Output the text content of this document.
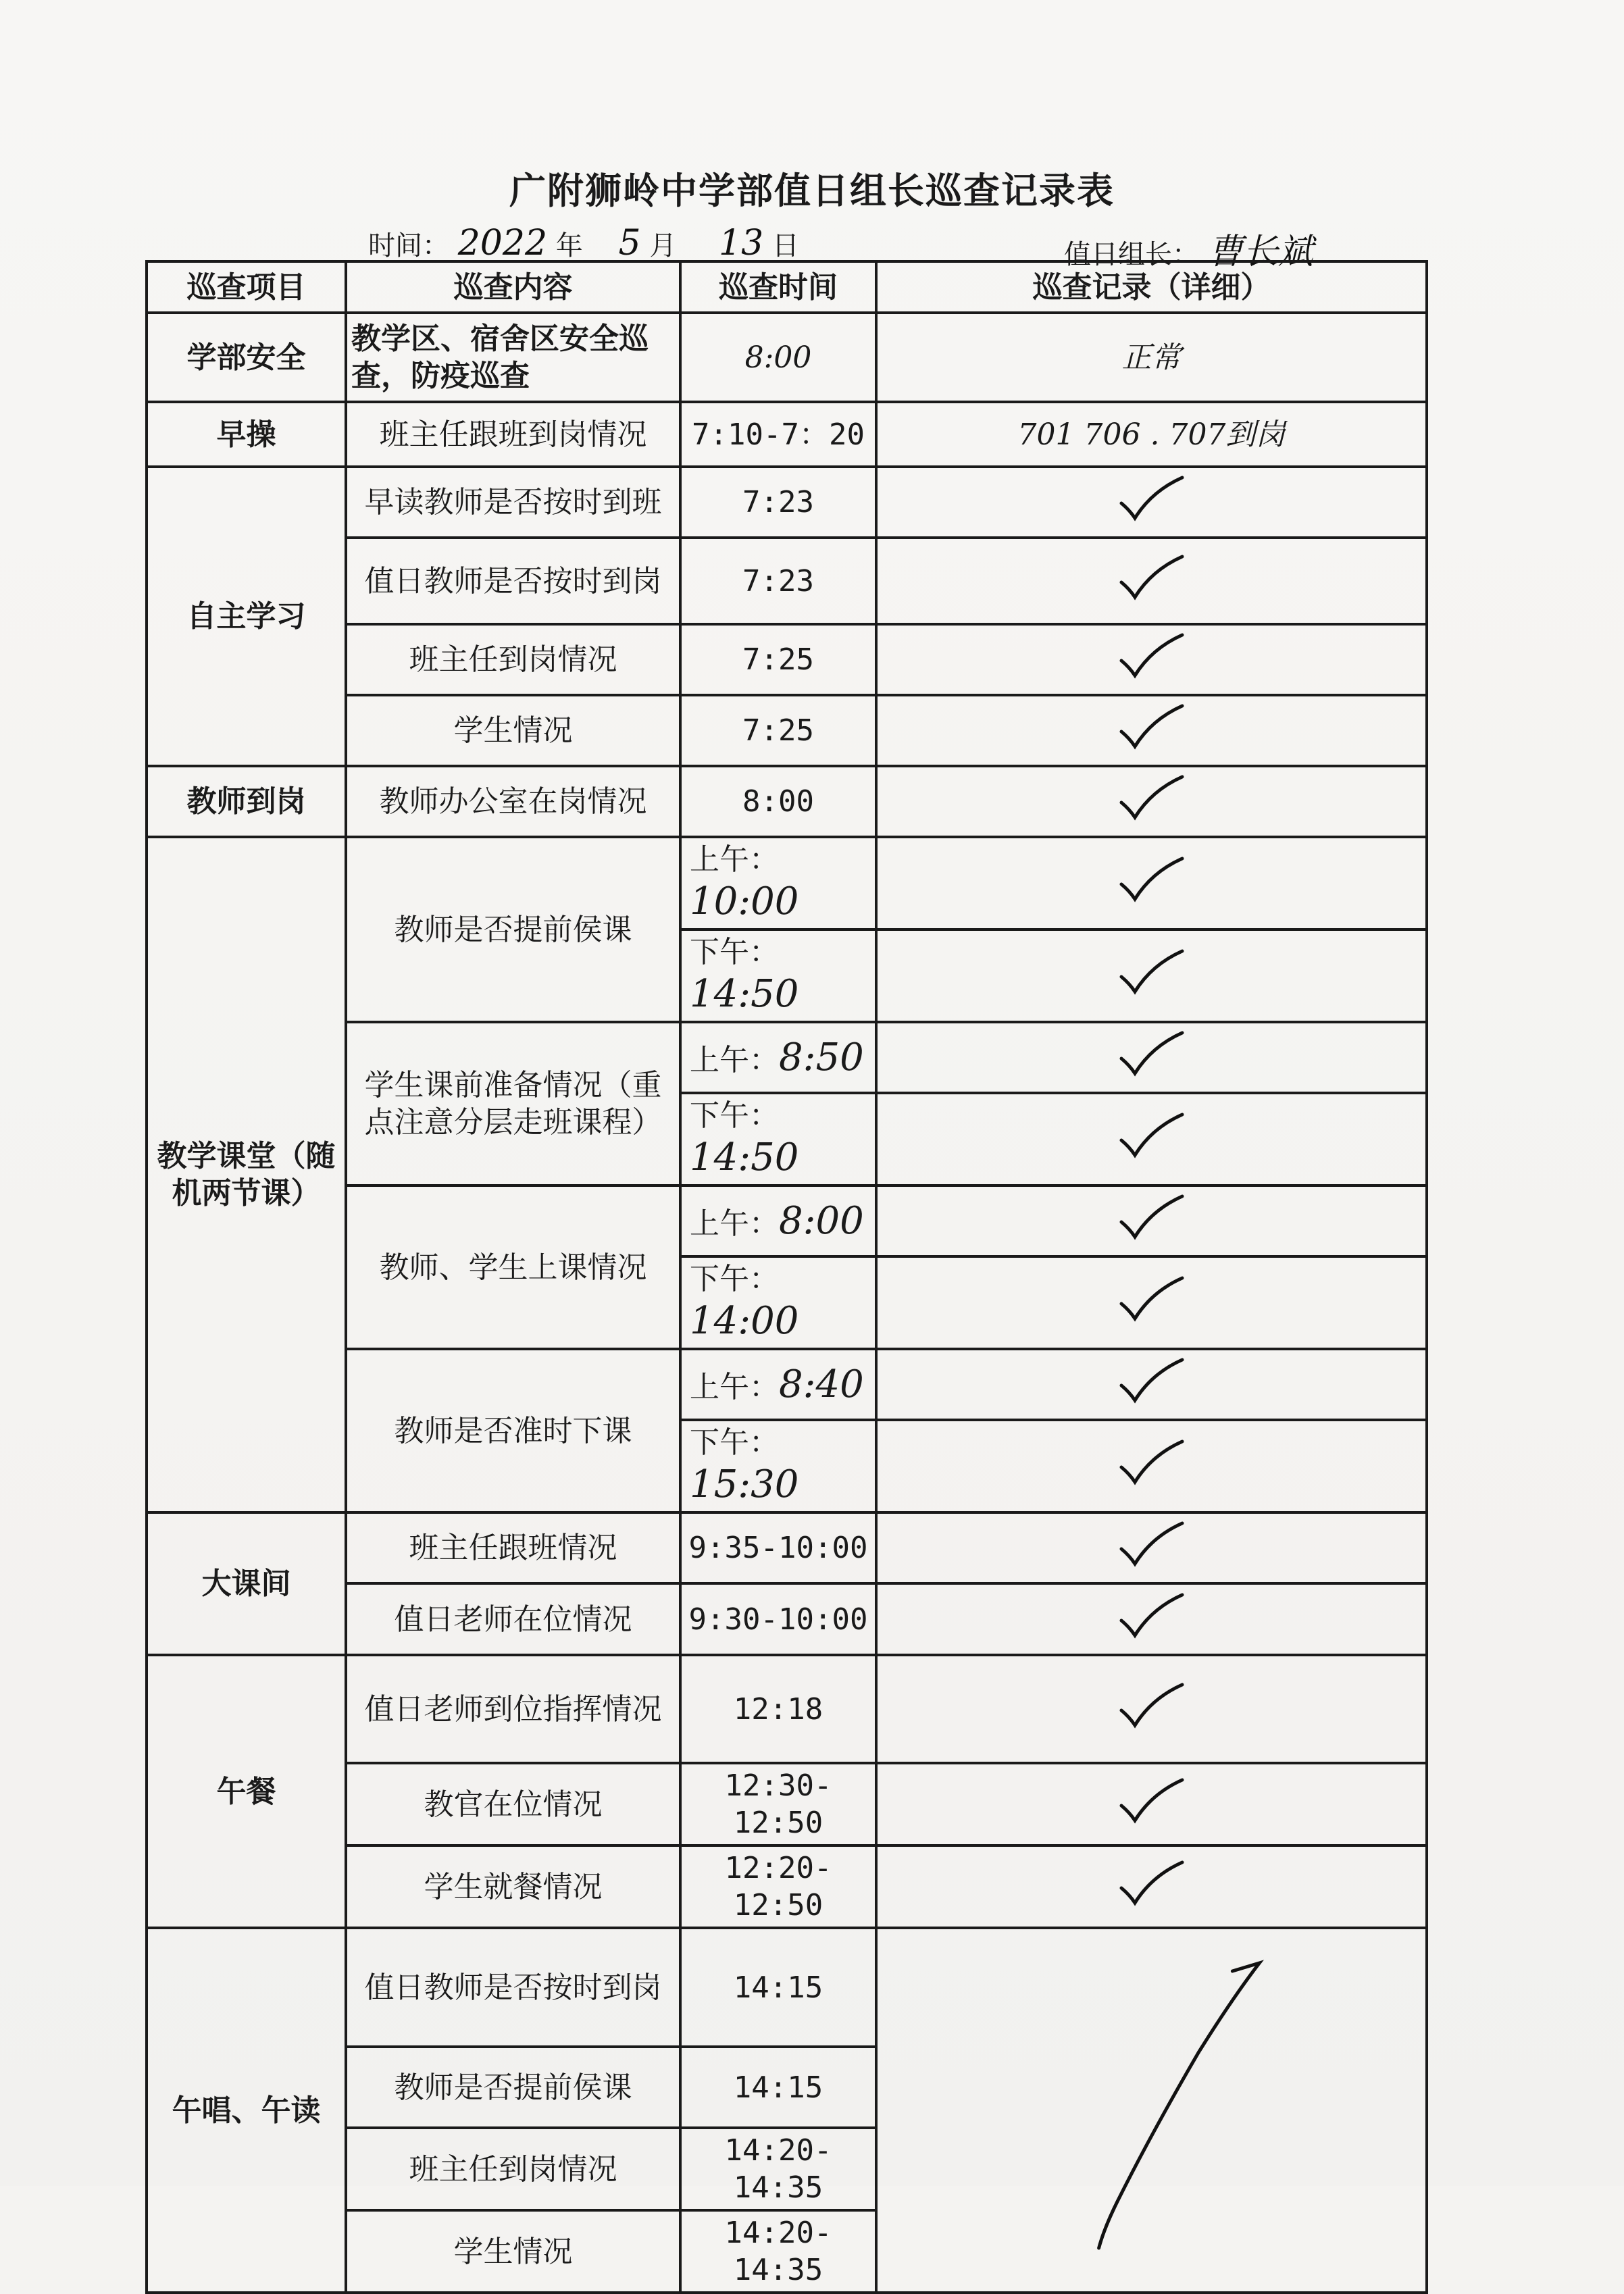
广附狮岭中学部值日组长巡查记录表
时间： 2022 年 5 月 13 日	值日组长： 曹长斌
巡查项目	巡查内容	巡查时间	巡查记录（详细）
学部安全	教学区、宿舍区安全巡查，防疫巡查	8:00	正常
早操	班主任跟班到岗情况	7:10-7：20	701 706 . 707到岗
自主学习	早读教师是否按时到班	7:23	
	值日教师是否按时到岗	7:23	
	班主任到岗情况	7:25	
	学生情况	7:25	
教师到岗	教师办公室在岗情况	8:00	
教学课堂（随机两节课）	教师是否提前侯课	上午：10:00	
		下午：14:50	
	学生课前准备情况（重点注意分层走班课程）	上午：8:50	
		下午：14:50	
	教师、学生上课情况	上午：8:00	
		下午：14:00	
	教师是否准时下课	上午：8:40	
		下午：15:30	
大课间	班主任跟班情况	9:35-10:00	
	值日老师在位情况	9:30-10:00	
午餐	值日老师到位指挥情况	12:18	
	教官在位情况	12:30-12:50	
	学生就餐情况	12:20-12:50	
午唱、午读	值日教师是否按时到岗	14:15	
	教师是否提前侯课	14:15	
	班主任到岗情况	14:20-14:35	
	学生情况	14:20-14:35	
